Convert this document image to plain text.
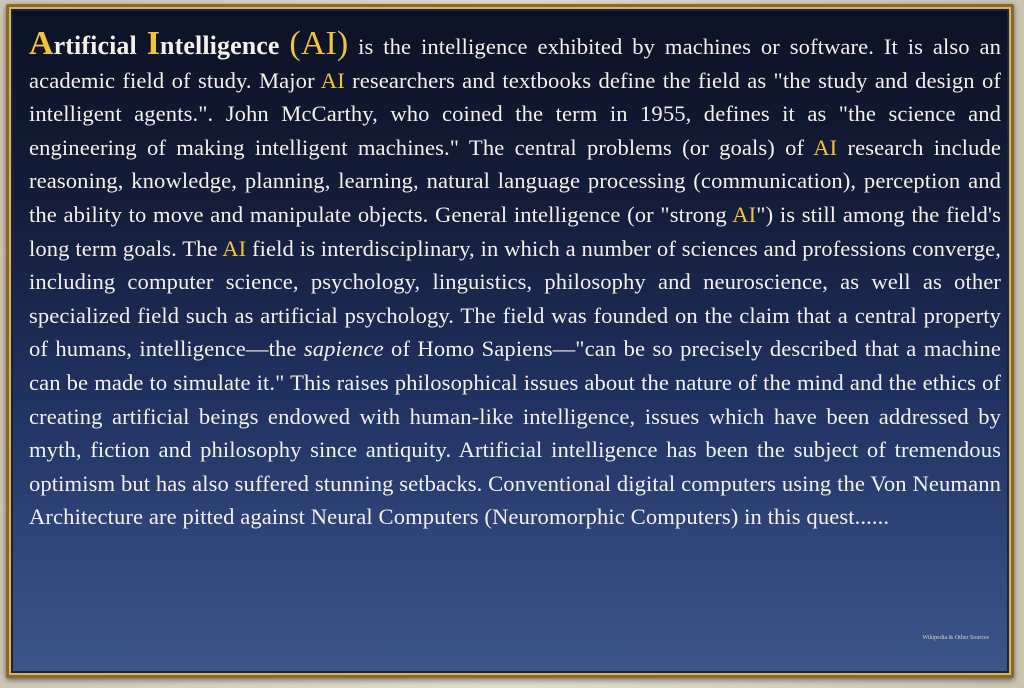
Artificial Intelligence (AI) is the intelligence exhibited by machines or software. It is also an academic field of study. Major AI researchers and textbooks define the field as "the study and design of intelligent agents.". John McCarthy, who coined the term in 1955, defines it as "the science and engineering of making intelligent machines." The central problems (or goals) of AI research include reasoning, knowledge, planning, learning, natural language processing (communication), perception and the ability to move and manipulate objects. General intelligence (or "strong AI") is still among the field's long term goals. The AI field is interdisciplinary, in which a number of sciences and professions converge, including computer science, psychology, linguistics, philosophy and neuroscience, as well as other specialized field such as artificial psychology. The field was founded on the claim that a central property of humans, intelligence—the sapience of Homo Sapiens—"can be so precisely described that a machine can be made to simulate it." This raises philosophical issues about the nature of the mind and the ethics of creating artificial beings endowed with human-like intelligence, issues which have been addressed by myth, fiction and philosophy since antiquity. Artificial intelligence has been the subject of tremendous optimism but has also suffered stunning setbacks. Conventional digital computers using the Von Neumann Architecture are pitted against Neural Computers (Neuromorphic Computers) in this quest......

Wikipedia & Other Sources
